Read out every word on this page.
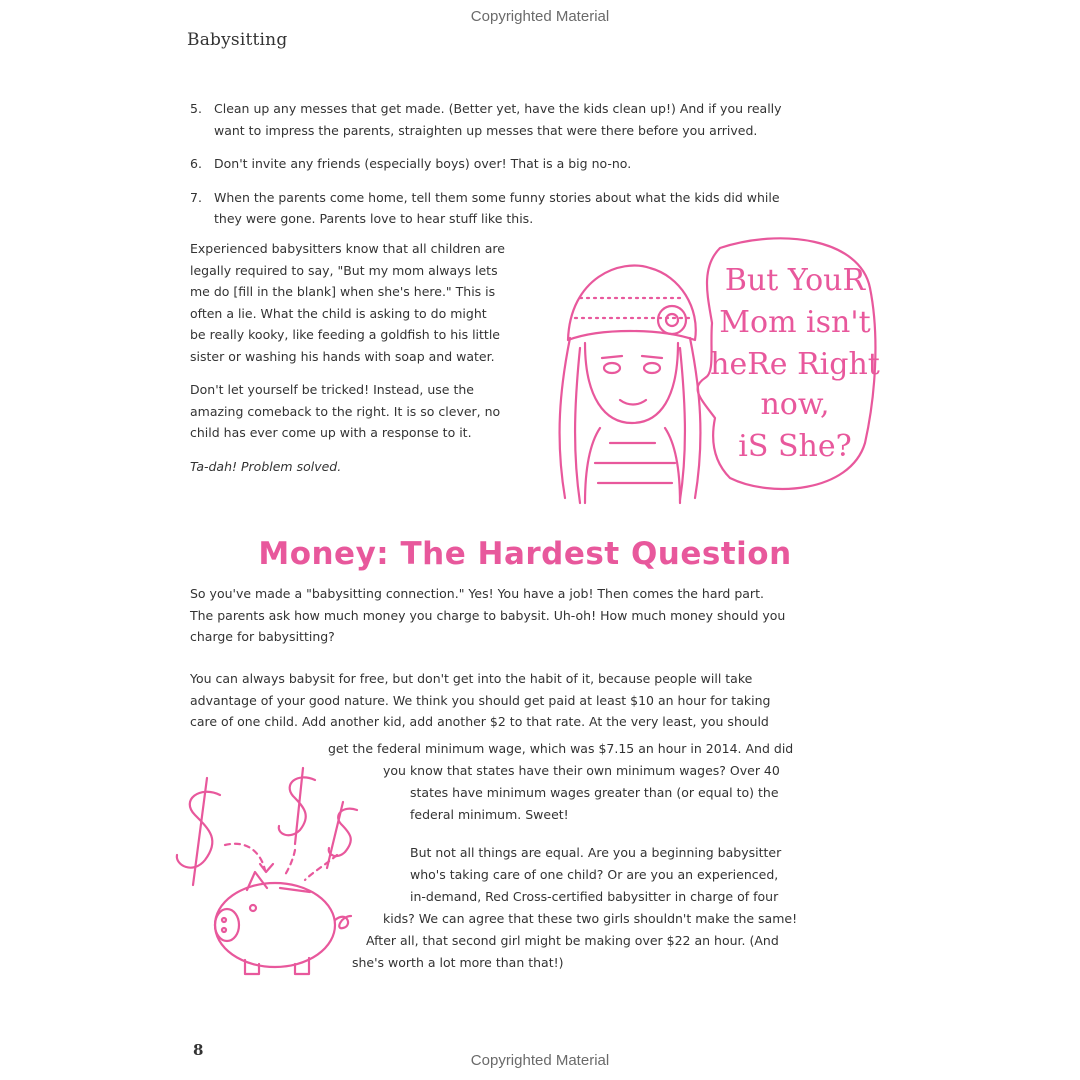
Copyrighted Material
Babysitting
5. Clean up any messes that get made. (Better yet, have the kids clean up!) And if you really
want to impress the parents, straighten up messes that were there before you arrived.
6. Don't invite any friends (especially boys) over! That is a big no-no.
7. When the parents come home, tell them some funny stories about what the kids did while
they were gone. Parents love to hear stuff like this.
Experienced babysitters know that all children are
legally required to say, "But my mom always lets
me do [fill in the blank] when she's here." This is
often a lie. What the child is asking to do might
be really kooky, like feeding a goldfish to his little
sister or washing his hands with soap and water.
Don't let yourself be tricked! Instead, use the
amazing comeback to the right. It is so clever, no
child has ever come up with a response to it.
Ta-dah! Problem solved.
But YouR
Mom isn't
heRe Right
now,
iS She?
Money: The Hardest Question
So you've made a "babysitting connection." Yes! You have a job! Then comes the hard part.
The parents ask how much money you charge to babysit. Uh-oh! How much money should you
charge for babysitting?
You can always babysit for free, but don't get into the habit of it, because people will take
advantage of your good nature. We think you should get paid at least $10 an hour for taking
care of one child. Add another kid, add another $2 to that rate. At the very least, you should
get the federal minimum wage, which was $7.15 an hour in 2014. And did
you know that states have their own minimum wages? Over 40
states have minimum wages greater than (or equal to) the
federal minimum. Sweet!
But not all things are equal. Are you a beginning babysitter
who's taking care of one child? Or are you an experienced,
in-demand, Red Cross-certified babysitter in charge of four
kids? We can agree that these two girls shouldn't make the same!
After all, that second girl might be making over $22 an hour. (And
she's worth a lot more than that!)
8
Copyrighted Material
